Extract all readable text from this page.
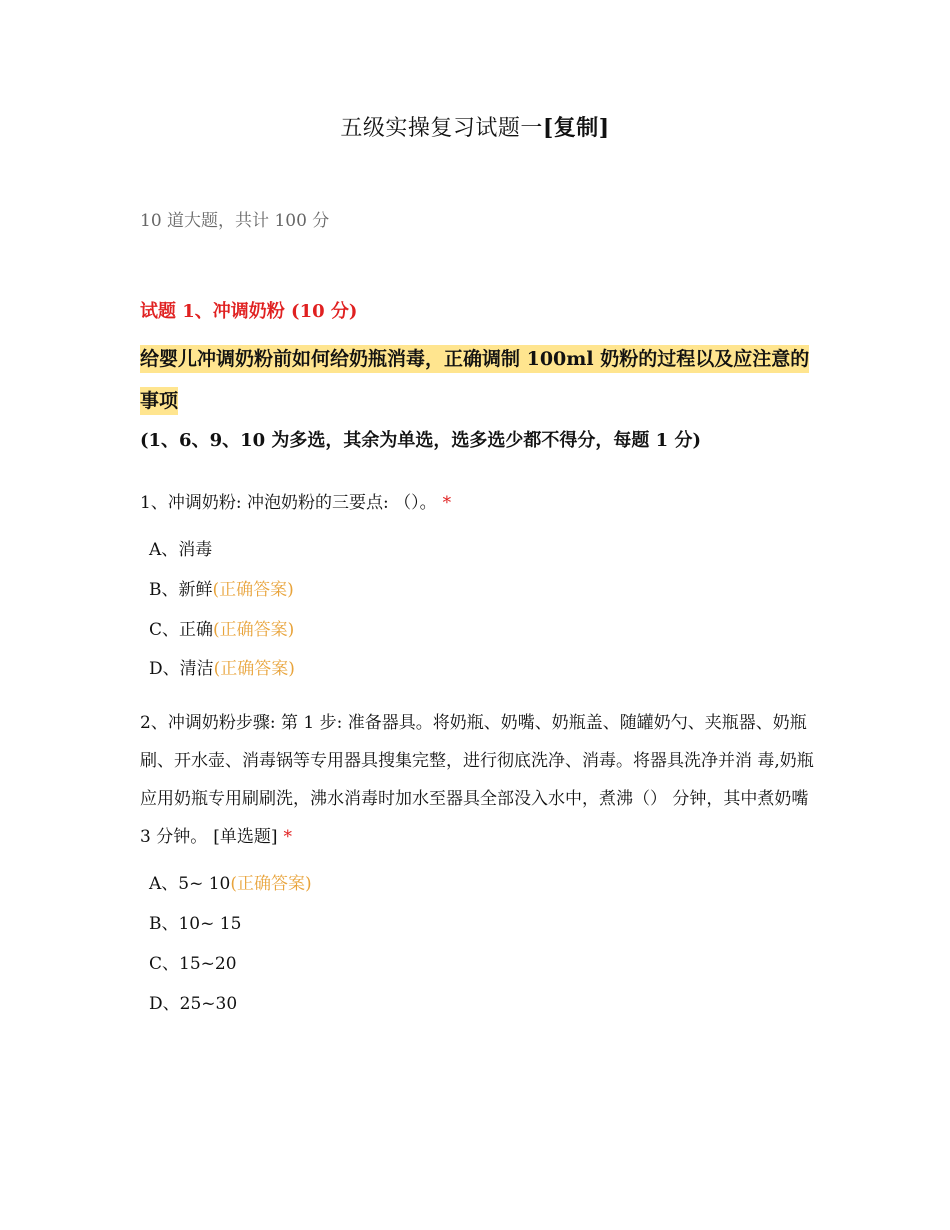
五级实操复习试题一[复制]
10 道大题，共计 100 分
试题 1、冲调奶粉 (10 分)
给婴儿冲调奶粉前如何给奶瓶消毒，正确调制 100ml 奶粉的过程以及应注意的事项
(1、6、9、10 为多选，其余为单选，选多选少都不得分，每题 1 分)
1、冲调奶粉: 冲泡奶粉的三要点: （）。 *
A、消毒
B、新鲜(正确答案)
C、正确(正确答案)
D、清洁(正确答案)
2、冲调奶粉步骤: 第 1 步: 准备器具。将奶瓶、奶嘴、奶瓶盖、随罐奶勺、夹瓶器、奶瓶刷、开水壶、消毒锅等专用器具搜集完整，进行彻底洗净、消毒。将器具洗净并消 毒,奶瓶应用奶瓶专用刷刷洗，沸水消毒时加水至器具全部没入水中，煮沸（） 分钟，其中煮奶嘴 3 分钟。 [单选题] *
A、5~ 10(正确答案)
B、10~ 15
C、15~20
D、25~30
